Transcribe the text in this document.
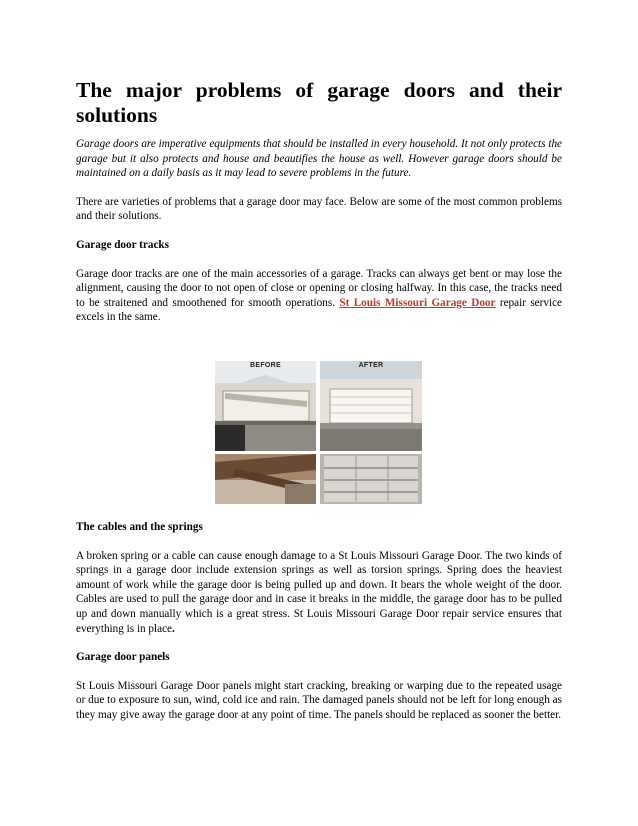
The major problems of garage doors and their solutions

Garage doors are imperative equipments that should be installed in every household. It not only protects the garage but it also protects and house and beautifies the house as well. However garage doors should be maintained on a daily basis as it may lead to severe problems in the future.

There are varieties of problems that a garage door may face. Below are some of the most common problems and their solutions.

Garage door tracks

Garage door tracks are one of the main accessories of a garage. Tracks can always get bent or may lose the alignment, causing the door to not open of close or opening or closing halfway. In this case, the tracks need to be straitened and smoothened for smooth operations. St Louis Missouri Garage Door repair service excels in the same.

BEFORE	AFTER
The cables and the springs

A broken spring or a cable can cause enough damage to a St Louis Missouri Garage Door. The two kinds of springs in a garage door include extension springs as well as torsion springs. Spring does the heaviest amount of work while the garage door is being pulled up and down. It bears the whole weight of the door. Cables are used to pull the garage door and in case it breaks in the middle, the garage door has to be pulled up and down manually which is a great stress. St Louis Missouri Garage Door repair service ensures that everything is in place.

Garage door panels

St Louis Missouri Garage Door panels might start cracking, breaking or warping due to the repeated usage or due to exposure to sun, wind, cold ice and rain. The damaged panels should not be left for long enough as they may give away the garage door at any point of time. The panels should be replaced as sooner the better.
